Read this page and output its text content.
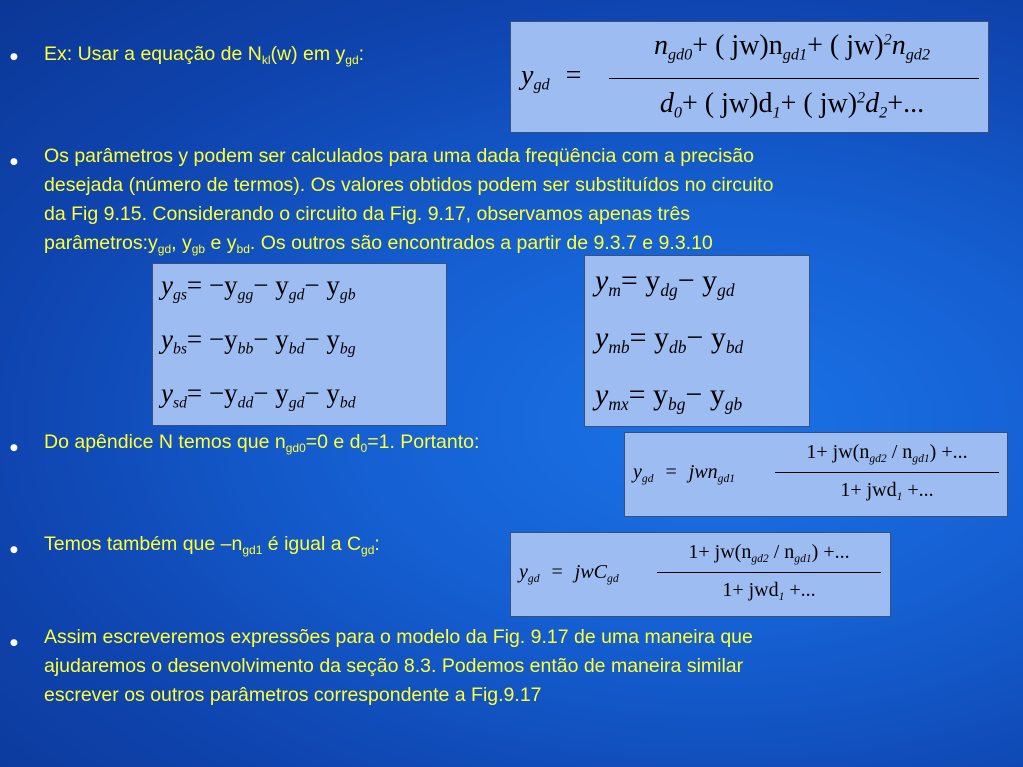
● Ex: Usar a equação de $N_{kl}(w)$ em $y_{gd}$:
$y_{gd}$ =
$n_{gd0}+$ ( $jw)n_{gd1}+$ ( $jw)^2n_{gd2}$
$d_0+$ ( $jw)d_1+$ ( $jw)^2d_2+$...
● Os parâmetros y podem ser calculados para uma dada freqüência com a precisão
desejada (número de termos). Os valores obtidos podem ser substituídos no circuito
da Fig 9.15. Considerando o circuito da Fig. 9.17, observamos apenas três
$parâmetros:y_{gd}$, $y_{gb}$ e $y_{bd}$. Os outros são encontrados a partir de 9.3.7 e 9.3.10
$y_{gs}= -y_{gg}- y_{gd}- y_{gb}$
$y_{bs}= -y_{bb}- y_{bd}- y_{bg}$
$y_{sd}= -y_{dd}- y_{gd}- y_{bd}$
$y_m= y_{dg}- y_{gd}$
$y_{mb}= y_{db}- y_{bd}$
$y_{mx}= y_{bg}- y_{gb}$
● Do apêndice N temos que $n_{gd0}=0$ e $d_0=1$. Portanto:
$y_{gd} = jwn_{gd1}$
$1+ jw(n_{gd2} / n_{gd1})$ +...
1+ jwd$_1$ +...
● Temos também que $-n_{gd1}$ é igual a $C_{gd}$:
$y_{gd} = jwC_{gd}$
$1+ jw(n_{gd2} / n_{gd1})$ +...
1+ jwd$_1$ +...
● Assim escreveremos expressões para o modelo da Fig. 9.17 de uma maneira que
ajudaremos o desenvolvimento da seção 8.3. Podemos então de maneira similar
escrever os outros parâmetros correspondente a Fig.9.17
